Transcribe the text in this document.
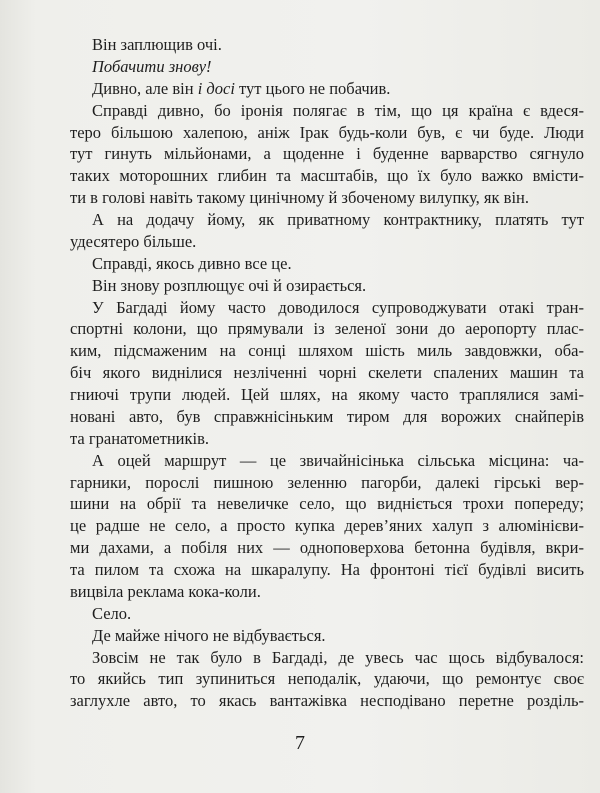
Він заплющив очі.
Побачити знову!
Дивно, але він і досі тут цього не побачив.
Справді дивно, бо іронія полягає в тім, що ця країна є вдеся-
теро більшою халепою, аніж Ірак будь-коли був, є чи буде. Люди
тут гинуть мільйонами, а щоденне і буденне варварство сягнуло
таких моторошних глибин та масштабів, що їх було важко вмісти-
ти в голові навіть такому цинічному й збоченому вилупку, як він.
А на додачу йому, як приватному контрактнику, платять тут
удесятеро більше.
Справді, якось дивно все це.
Він знову розплющує очі й озирається.
У Багдаді йому часто доводилося супроводжувати отакі тран-
спортні колони, що прямували із зеленої зони до аеропорту плас-
ким, підсмаженим на сонці шляхом шість миль завдовжки, оба-
біч якого виднілися незліченні чорні скелети спалених машин та
гниючі трупи людей. Цей шлях, на якому часто траплялися замі-
новані авто, був справжнісіньким тиром для ворожих снайперів
та гранатометників.
А оцей маршрут — це звичайнісінька сільська місцина: ча-
гарники, порослі пишною зеленню пагорби, далекі гірські вер-
шини на обрії та невеличке село, що видніється трохи попереду;
це радше не село, а просто купка дерев’яних халуп з алюмінієви-
ми дахами, а побіля них — одноповерхова бетонна будівля, вкри-
та пилом та схожа на шкаралупу. На фронтоні тієї будівлі висить
вицвіла реклама кока-коли.
Село.
Де майже нічого не відбувається.
Зовсім не так було в Багдаді, де увесь час щось відбувалося:
то якийсь тип зупиниться неподалік, удаючи, що ремонтує своє
заглухле авто, то якась вантажівка несподівано перетне розділь-
7
